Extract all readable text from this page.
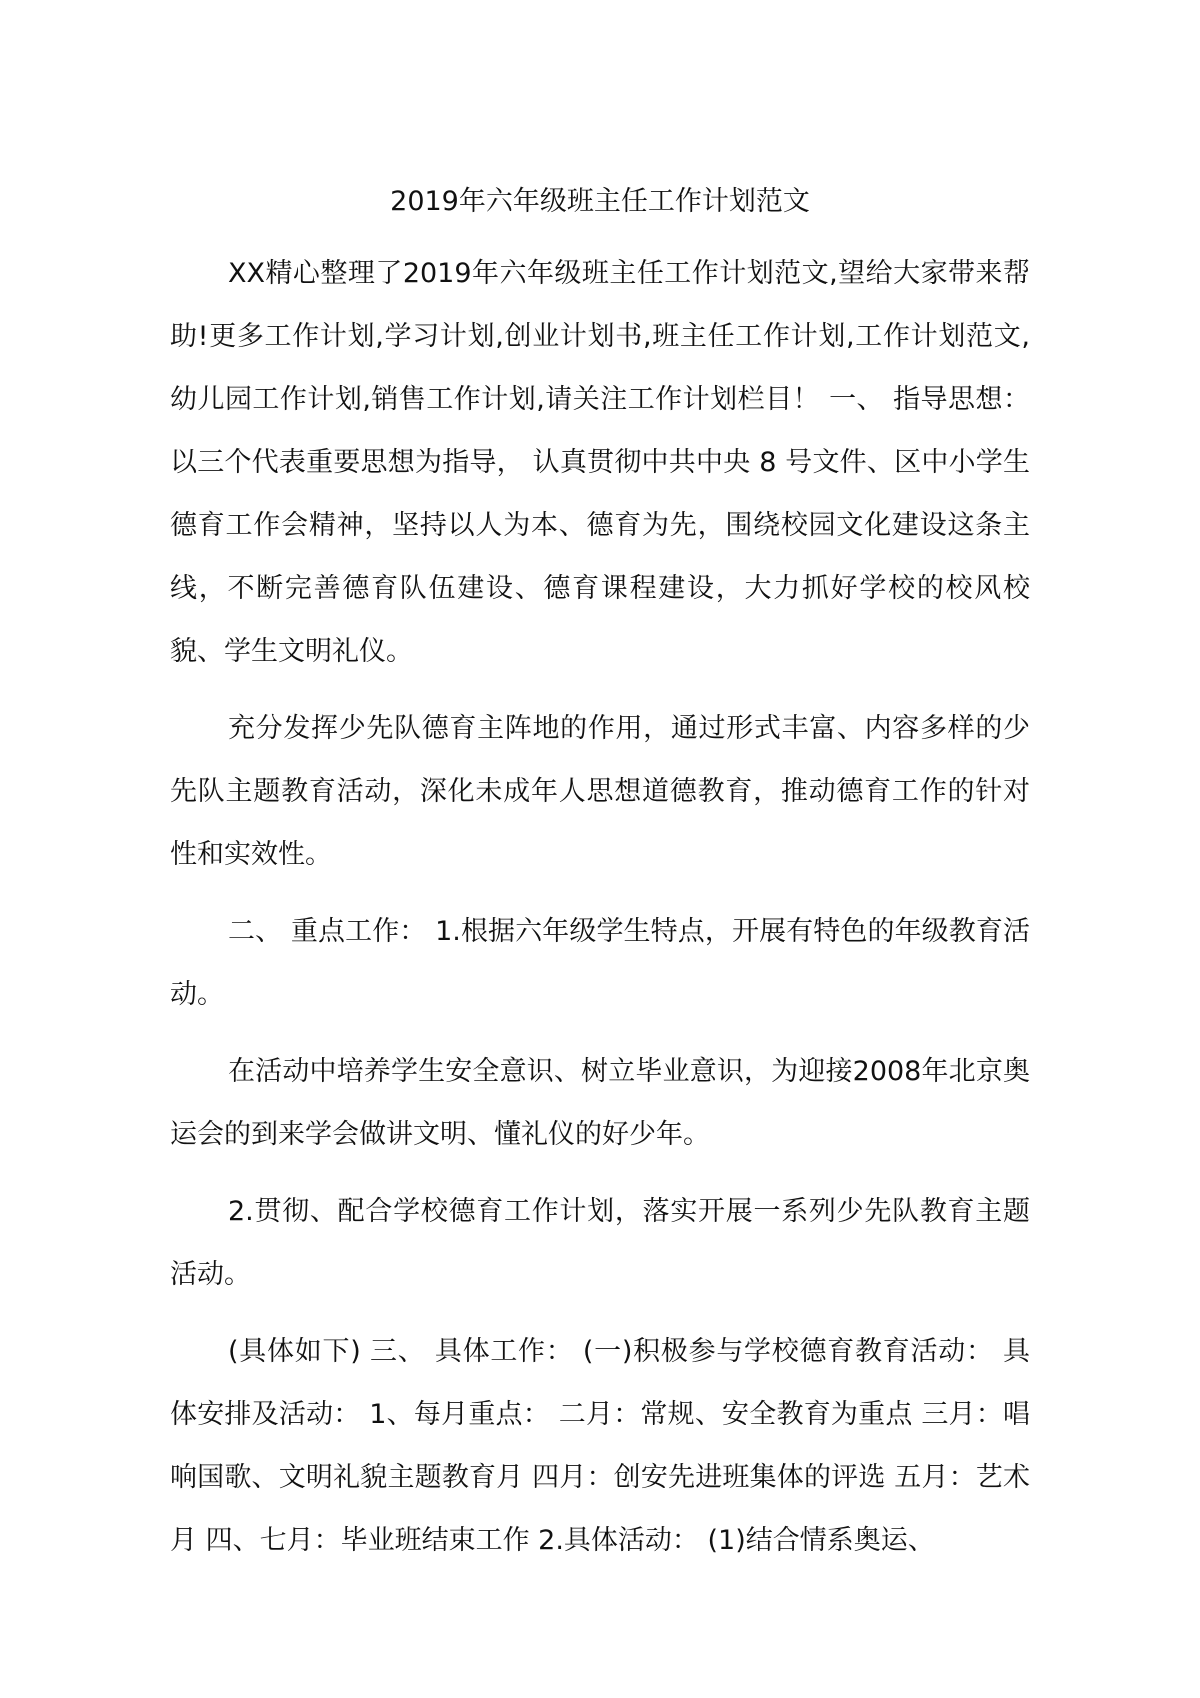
2019年六年级班主任工作计划范文

XX精心整理了2019年六年级班主任工作计划范文,望给大家带来帮助!更多工作计划,学习计划,创业计划书,班主任工作计划,工作计划范文,幼儿园工作计划,销售工作计划,请关注工作计划栏目！ 一、 指导思想： 以三个代表重要思想为指导， 认真贯彻中共中央 8 号文件、区中小学生德育工作会精神，坚持以人为本、德育为先，围绕校园文化建设这条主线，不断完善德育队伍建设、德育课程建设，大力抓好学校的校风校貌、学生文明礼仪。

充分发挥少先队德育主阵地的作用，通过形式丰富、内容多样的少先队主题教育活动，深化未成年人思想道德教育，推动德育工作的针对性和实效性。

二、 重点工作： 1.根据六年级学生特点，开展有特色的年级教育活动。

在活动中培养学生安全意识、树立毕业意识，为迎接2008年北京奥运会的到来学会做讲文明、懂礼仪的好少年。

2.贯彻、配合学校德育工作计划，落实开展一系列少先队教育主题活动。

(具体如下) 三、 具体工作： (一)积极参与学校德育教育活动： 具体安排及活动： 1、每月重点： 二月：常规、安全教育为重点 三月：唱响国歌、文明礼貌主题教育月 四月：创安先进班集体的评选 五月：艺术月 四、七月：毕业班结束工作 2.具体活动： (1)结合情系奥运、
